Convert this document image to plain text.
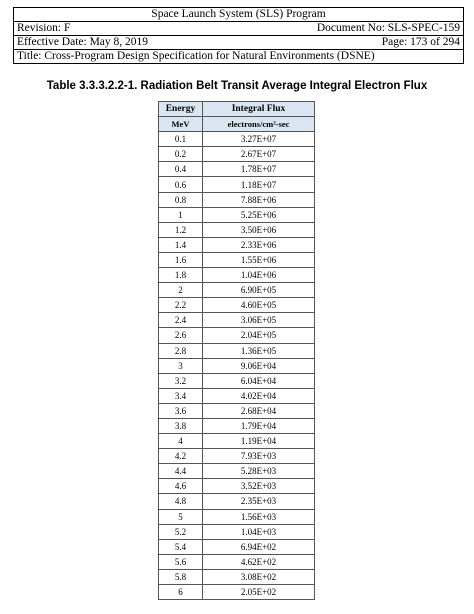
Space Launch System (SLS) Program

Revision: F	Document No: SLS-SPEC-159

Effective Date: May 8, 2019	Page: 173 of 294

Title: Cross-Program Design Specification for Natural Environments (DSNE)
Table 3.3.3.2.2-1. Radiation Belt Transit Average Integral Electron Flux
Energy	Integral Flux
MeV	electrons/cm²-sec
0.1	3.27E+07
0.2	2.67E+07
0.4	1.78E+07
0.6	1.18E+07
0.8	7.88E+06
1	5.25E+06
1.2	3.50E+06
1.4	2.33E+06
1.6	1.55E+06
1.8	1.04E+06
2	6.90E+05
2.2	4.60E+05
2.4	3.06E+05
2.6	2.04E+05
2.8	1.36E+05
3	9.06E+04
3.2	6.04E+04
3.4	4.02E+04
3.6	2.68E+04
3.8	1.79E+04
4	1.19E+04
4.2	7.93E+03
4.4	5.28E+03
4.6	3.52E+03
4.8	2.35E+03
5	1.56E+03
5.2	1.04E+03
5.4	6.94E+02
5.6	4.62E+02
5.8	3.08E+02
6	2.05E+02
